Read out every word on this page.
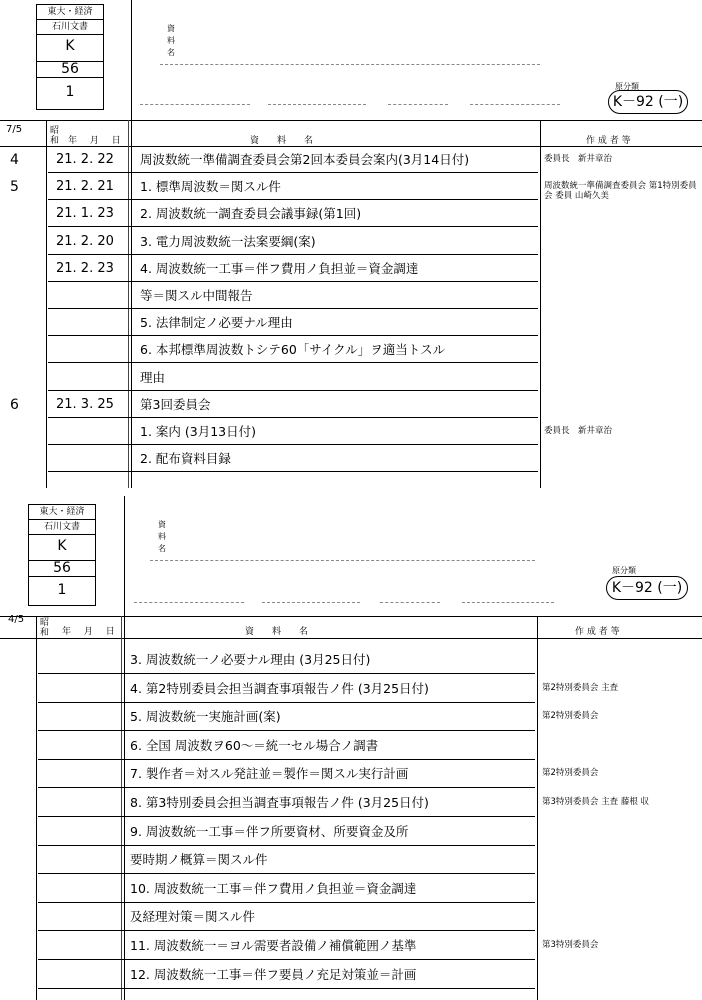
東大・経済
石川文書
K
56
1
資
料
名
原分類
K－92 (一)
7/5	昭和 年 月 日	資　　料　　名	作 成 者 等
4	21. 2. 22 周波数統一準備調査委員会第2回本委員会案内(3月14日付)	委員長　新井章治
5	21. 2. 21 1. 標準周波数＝関スル件	周波数統一準備調査委員会 第1特別委員会 委員 山崎久美
21. 1. 23 2. 周波数統一調査委員会議事録(第1回)
21. 2. 20 3. 電力周波数統一法案要綱(案)
21. 2. 23 4. 周波数統一工事＝伴フ費用ノ負担並＝資金調達
等＝関スル中間報告
5. 法律制定ノ必要ナル理由
6. 本邦標準周波数トシテ60「サイクル」ヲ適当トスル
理由
6	21. 3. 25 第3回委員会
1. 案内 (3月13日付)	委員長　新井章治
2. 配布資料目録
東大・経済
石川文書
K
56
1
資
料
名
原分類
K－92 (一)
4/5 昭和	年 月 日	資　　料　　名	作 成 者 等
3. 周波数統一ノ必要ナル理由 (3月25日付)
4. 第2特別委員会担当調査事項報告ノ件 (3月25日付)	第2特別委員会 主査
5. 周波数統一実施計画(案)	第2特別委員会
6. 全国 周波数ヲ60〜＝統一セル場合ノ調書
7. 製作者＝対スル発註並＝製作＝関スル実行計画	第2特別委員会
8. 第3特別委員会担当調査事項報告ノ件 (3月25日付)	第3特別委員会 主査 藤根 収
9. 周波数統一工事＝伴フ所要資材、所要資金及所
要時期ノ概算＝関スル件
10. 周波数統一工事＝伴フ費用ノ負担並＝資金調達
及経理対策＝関スル件
11. 周波数統一＝ヨル需要者設備ノ補償範囲ノ基準	第3特別委員会
12. 周波数統一工事＝伴フ要員ノ充足対策並＝計画
